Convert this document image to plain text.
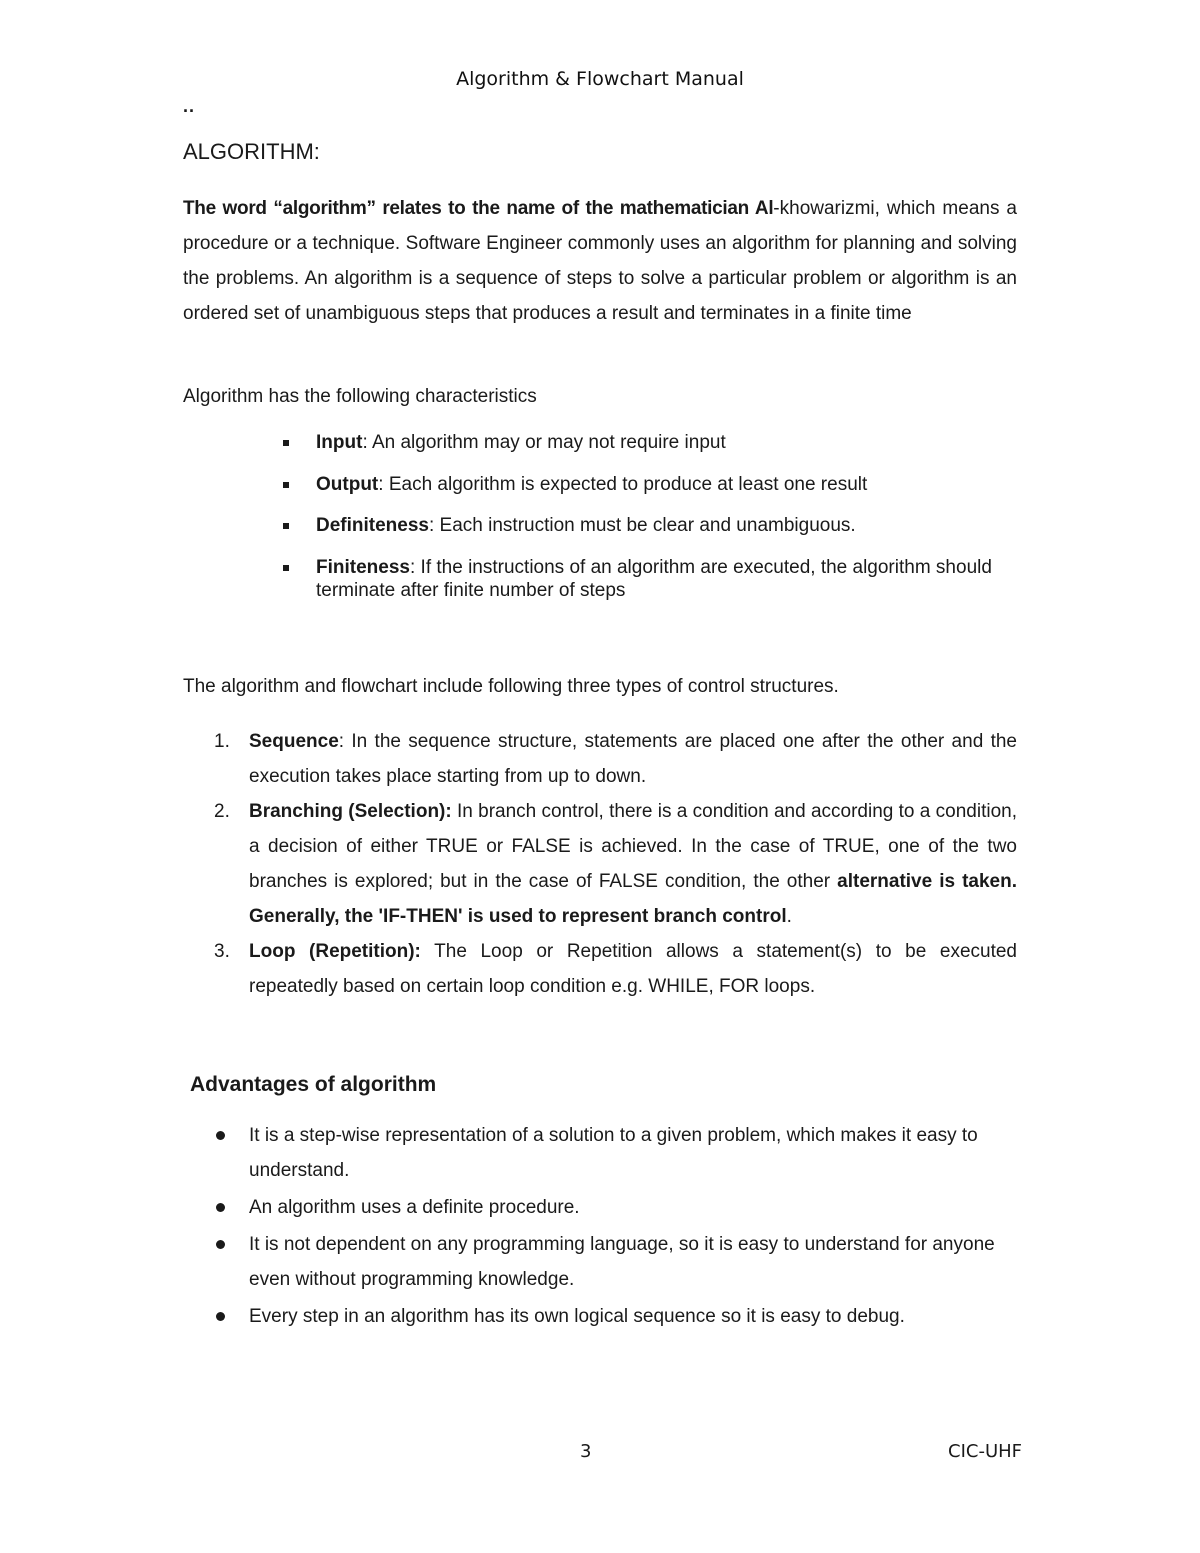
Algorithm & Flowchart Manual
..
ALGORITHM:
The word “algorithm” relates to the name of the mathematician Al-khowarizmi, which means a procedure or a technique. Software Engineer commonly uses an algorithm for planning and solving the problems. An algorithm is a sequence of steps to solve a particular problem or algorithm is an ordered set of unambiguous steps that produces a result and terminates in a finite time
Algorithm has the following characteristics
Input: An algorithm may or may not require input
Output: Each algorithm is expected to produce at least one result
Definiteness: Each instruction must be clear and unambiguous.
Finiteness: If the instructions of an algorithm are executed, the algorithm should terminate after finite number of steps
The algorithm and flowchart include following three types of control structures.
1. Sequence: In the sequence structure, statements are placed one after the other and the execution takes place starting from up to down.
2. Branching (Selection): In branch control, there is a condition and according to a condition, a decision of either TRUE or FALSE is achieved. In the case of TRUE, one of the two branches is explored; but in the case of FALSE condition, the other alternative is taken. Generally, the 'IF-THEN' is used to represent branch control.
3. Loop (Repetition): The Loop or Repetition allows a statement(s) to be executed repeatedly based on certain loop condition e.g. WHILE, FOR loops.
Advantages of algorithm
It is a step-wise representation of a solution to a given problem, which makes it easy to understand.
An algorithm uses a definite procedure.
It is not dependent on any programming language, so it is easy to understand for anyone even without programming knowledge.
Every step in an algorithm has its own logical sequence so it is easy to debug.
3	CIC-UHF
